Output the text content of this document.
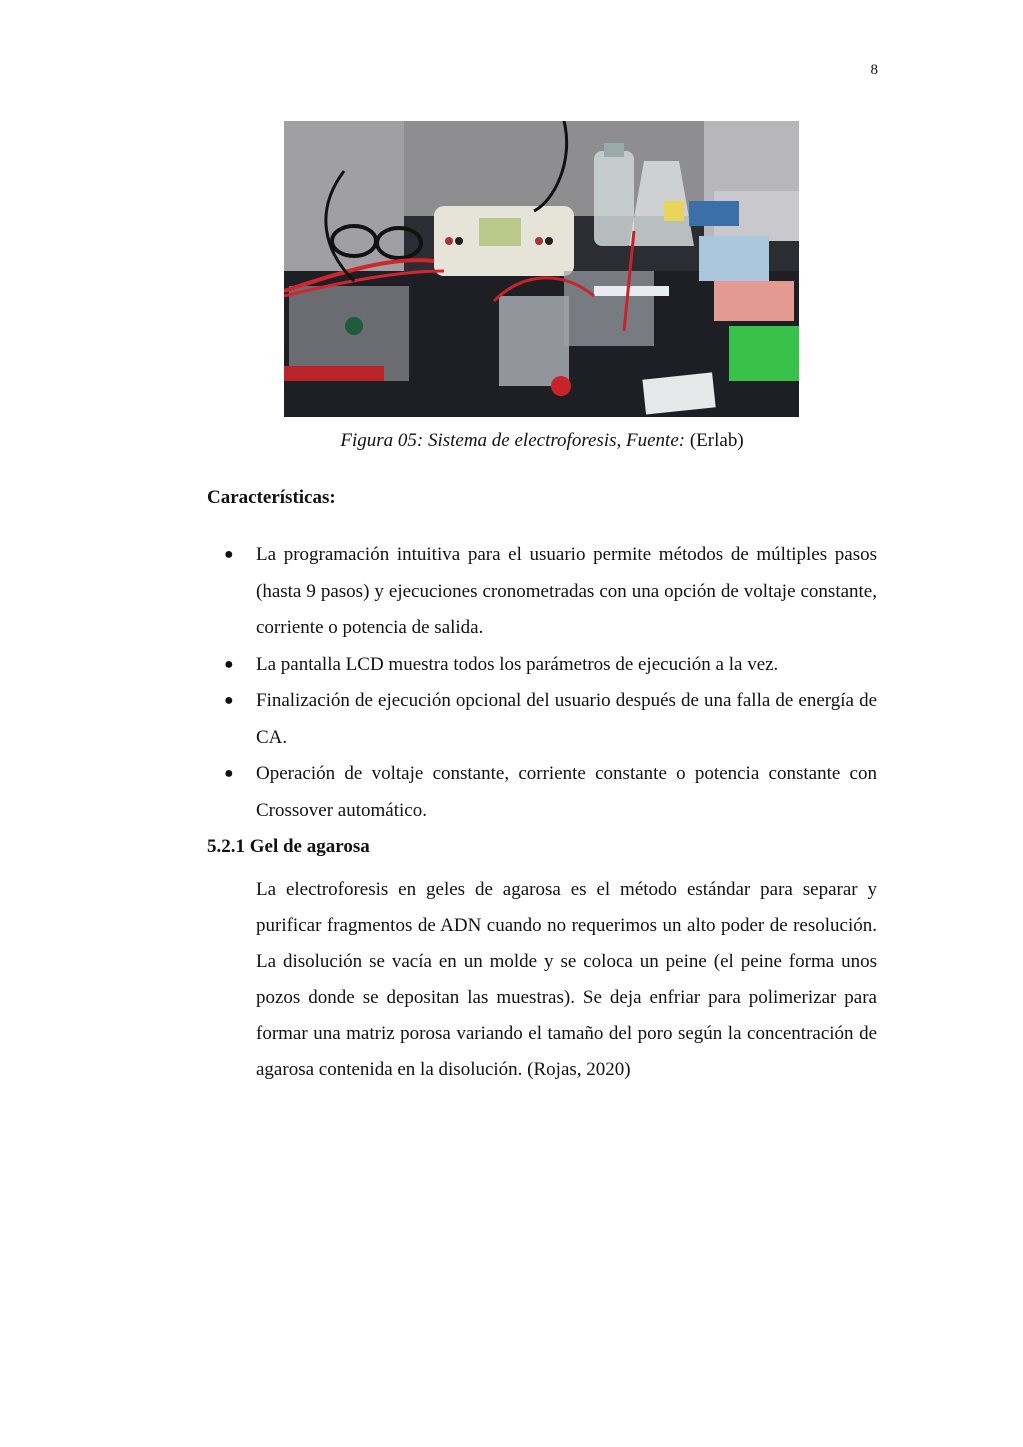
8
Figura 05: Sistema de electroforesis, Fuente: (Erlab)
Características:
● La programación intuitiva para el usuario permite métodos de múltiples pasos (hasta 9 pasos) y ejecuciones cronometradas con una opción de voltaje constante, corriente o potencia de salida.
● La pantalla LCD muestra todos los parámetros de ejecución a la vez.
● Finalización de ejecución opcional del usuario después de una falla de energía de CA.
● Operación de voltaje constante, corriente constante o potencia constante con Crossover automático.
5.2.1 Gel de agarosa

La electroforesis en geles de agarosa es el método estándar para separar y purificar fragmentos de ADN cuando no requerimos un alto poder de resolución. La disolución se vacía en un molde y se coloca un peine (el peine forma unos pozos donde se depositan las muestras). Se deja enfriar para polimerizar para formar una matriz porosa variando el tamaño del poro según la concentración de agarosa contenida en la disolución. (Rojas, 2020)
